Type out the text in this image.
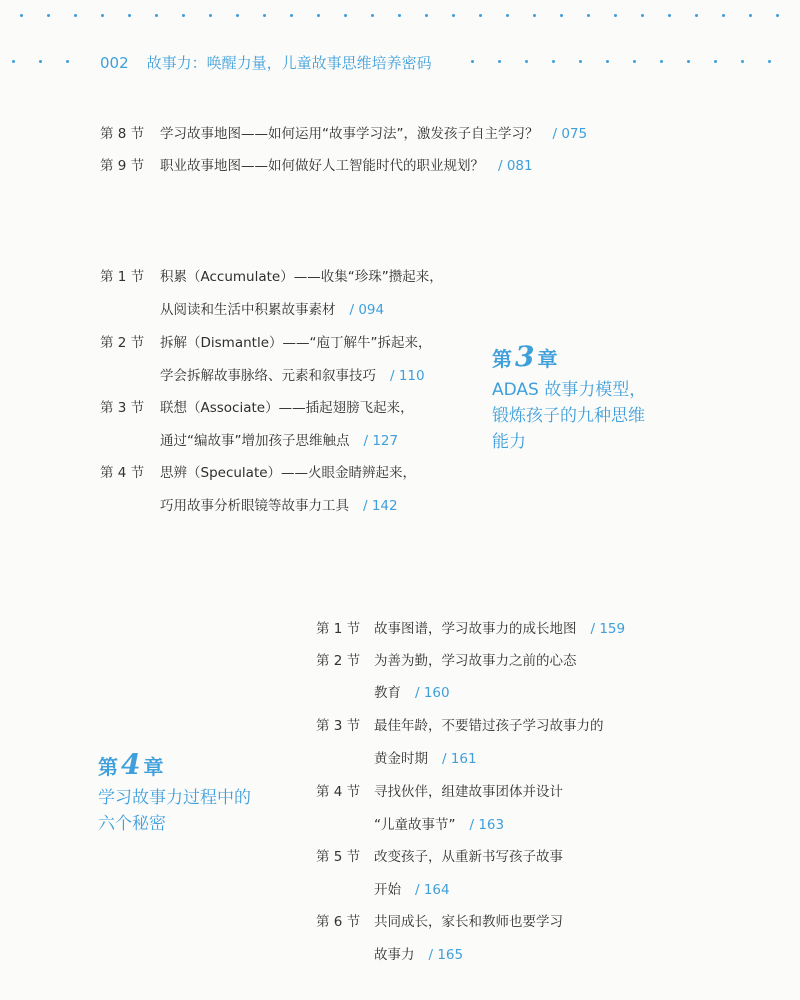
002 故事力：唤醒力量，儿童故事思维培养密码
第 8 节 学习故事地图——如何运用“故事学习法”，激发孩子自主学习？ / 075
第 9 节 职业故事地图——如何做好人工智能时代的职业规划？ / 081
第 1 节 积累（Accumulate）——收集“珍珠”攒起来，
从阅读和生活中积累故事素材 / 094
第 2 节 拆解（Dismantle）——“庖丁解牛”拆起来，
学会拆解故事脉络、元素和叙事技巧 / 110
第 3 节 联想（Associate）——插起翅膀飞起来，
通过“编故事”增加孩子思维触点 / 127
第 4 节 思辨（Speculate）——火眼金睛辨起来，
巧用故事分析眼镜等故事力工具 / 142
第 3 章
ADAS 故事力模型，
锻炼孩子的九种思维
能力
第 1 节 故事图谱，学习故事力的成长地图 / 159
第 2 节 为善为勤，学习故事力之前的心态
教育 / 160
第 3 节 最佳年龄，不要错过孩子学习故事力的
黄金时期 / 161
第 4 节 寻找伙伴，组建故事团体并设计
“儿童故事节” / 163
第 5 节 改变孩子，从重新书写孩子故事
开始 / 164
第 6 节 共同成长，家长和教师也要学习
故事力 / 165
第 4 章
学习故事力过程中的
六个秘密
